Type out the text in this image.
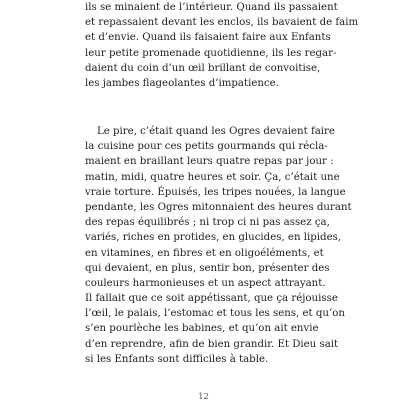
ils se minaient de l’intérieur. Quand ils passaient
et repassaient devant les enclos, ils bavaient de faim
et d’envie. Quand ils faisaient faire aux Enfants
leur petite promenade quotidienne, ils les regar-
daient du coin d’un œil brillant de convoitise,
les jambes flageolantes d’impatience.
Le pire, c’était quand les Ogres devaient faire
la cuisine pour ces petits gourmands qui récla-
maient en braillant leurs quatre repas par jour :
matin, midi, quatre heures et soir. Ça, c’était une
vraie torture. Épuisés, les tripes nouées, la langue
pendante, les Ogres mitonnaient des heures durant
des repas équilibrés ; ni trop ci ni pas assez ça,
variés, riches en protides, en glucides, en lipides,
en vitamines, en fibres et en oligoéléments, et
qui devaient, en plus, sentir bon, présenter des
couleurs harmonieuses et un aspect attrayant.
Il fallait que ce soit appétissant, que ça réjouisse
l’œil, le palais, l’estomac et tous les sens, et qu’on
s’en pourlèche les babines, et qu’on ait envie
d’en reprendre, afin de bien grandir. Et Dieu sait
si les Enfants sont difficiles à table.
12
